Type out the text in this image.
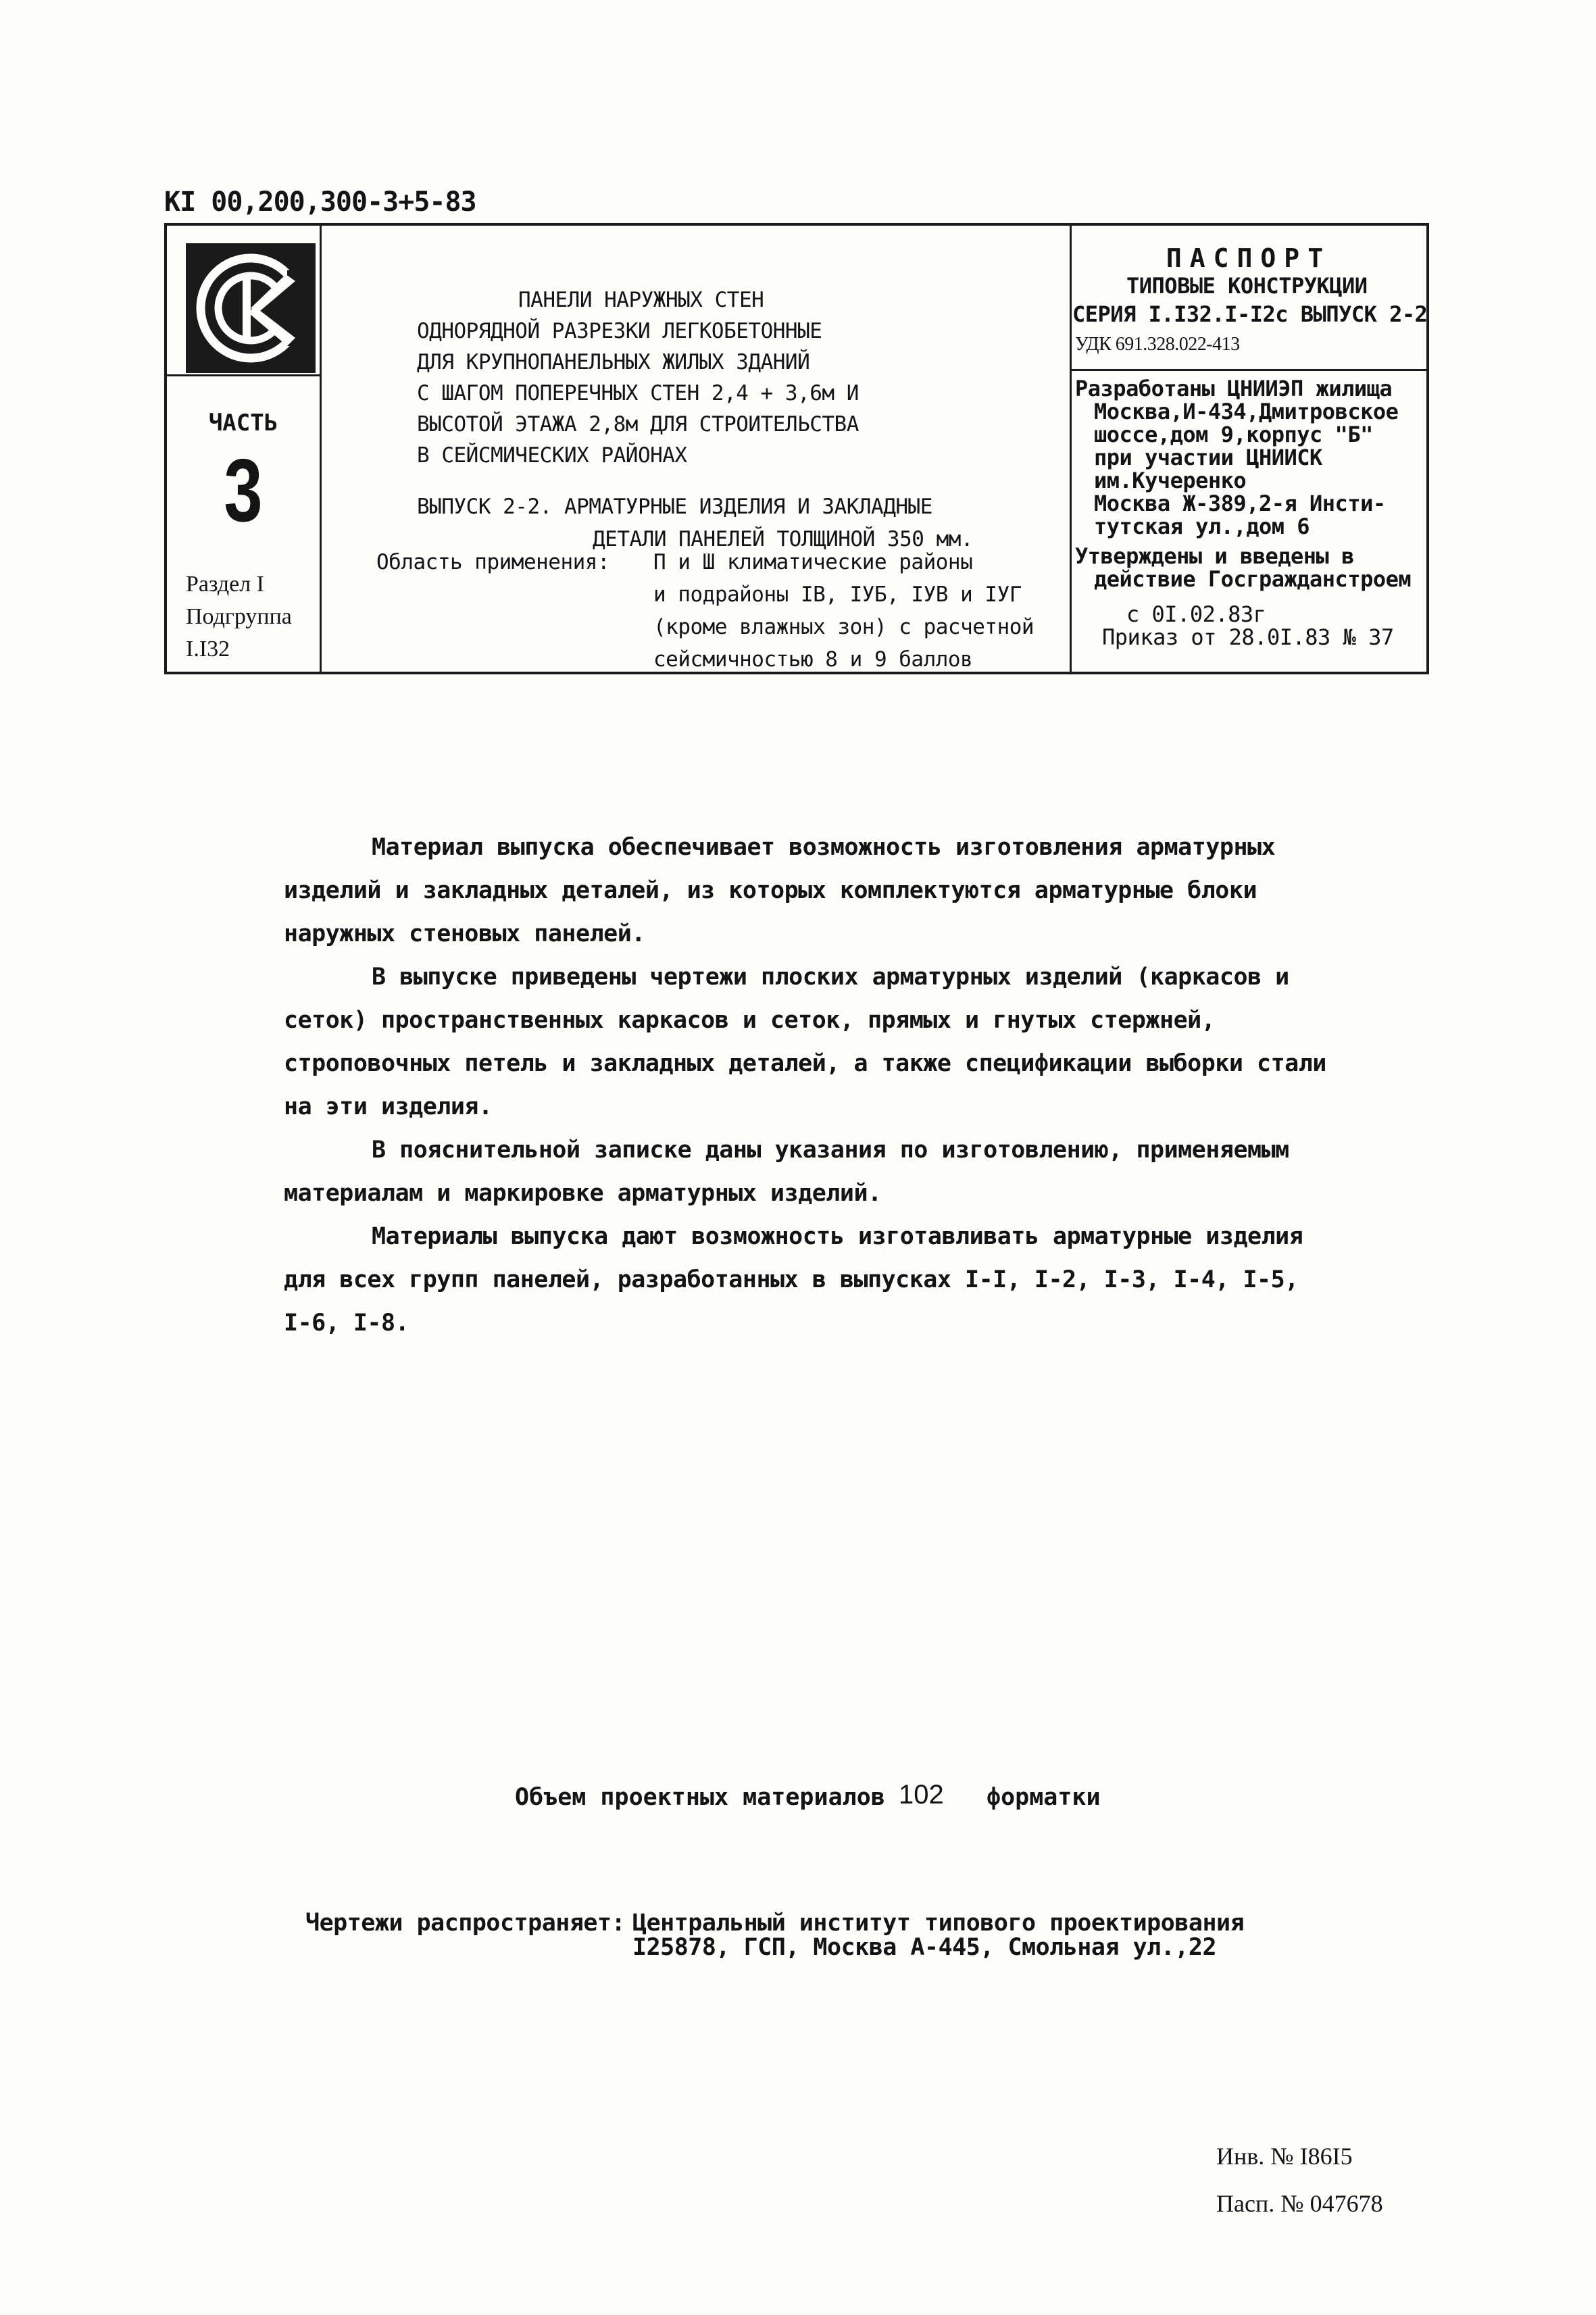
КI 00,200,300-3+5-83
ЧАСТЬ
3
Раздел I
Подгруппа
I.I32
ПАНЕЛИ НАРУЖНЫХ СТЕН
ОДНОРЯДНОЙ РАЗРЕЗКИ ЛЕГКОБЕТОННЫЕ
ДЛЯ КРУПНОПАНЕЛЬНЫХ ЖИЛЫХ ЗДАНИЙ
С ШАГОМ ПОПЕРЕЧНЫХ СТЕН 2,4 + 3,6м И
ВЫСОТОЙ ЭТАЖА 2,8м ДЛЯ СТРОИТЕЛЬСТВА
В СЕЙСМИЧЕСКИХ РАЙОНАХ
ВЫПУСК 2-2. АРМАТУРНЫЕ ИЗДЕЛИЯ И ЗАКЛАДНЫЕ
ДЕТАЛИ ПАНЕЛЕЙ ТОЛЩИНОЙ 350 мм.
Область применения: П и Ш климатические районы
и подрайоны IВ, IУБ, IУВ и IУГ
(кроме влажных зон) с расчетной
сейсмичностью 8 и 9 баллов
ПАСПОРТ
ТИПОВЫЕ КОНСТРУКЦИИ
СЕРИЯ I.I32.I-I2с ВЫПУСК 2-2
УДК 691.328.022-413
Разработаны ЦНИИЭП жилища
Москва,И-434,Дмитровское
шоссе,дом 9,корпус "Б"
при участии ЦНИИСК
им.Кучеренко
Москва Ж-389,2-я Инсти-
тутская ул.,дом 6
Утверждены и введены в
действие Госгражданстроем
с 0I.02.83г
Приказ от 28.0I.83 № 37

Материал выпуска обеспечивает возможность изготовления арматурных изделий и закладных деталей, из которых комплектуются арматурные блоки наружных стеновых панелей.

В выпуске приведены чертежи плоских арматурных изделий (каркасов и сеток) пространственных каркасов и сеток, прямых и гнутых стержней, строповочных петель и закладных деталей, а также спецификации выборки стали на эти изделия.

В пояснительной записке даны указания по изготовлению, применяемым материалам и маркировке арматурных изделий.

Материалы выпуска дают возможность изготавливать арматурные изделия для всех групп панелей, разработанных в выпусках I-I, I-2, I-3, I-4, I-5, I-6, I-8.

Объем проектных материалов 102 форматки
Чертежи распространяет: Центральный институт типового проектирования
I25878, ГСП, Москва А-445, Смольная ул.,22
Инв. № I86I5
Пасп. № 047678
